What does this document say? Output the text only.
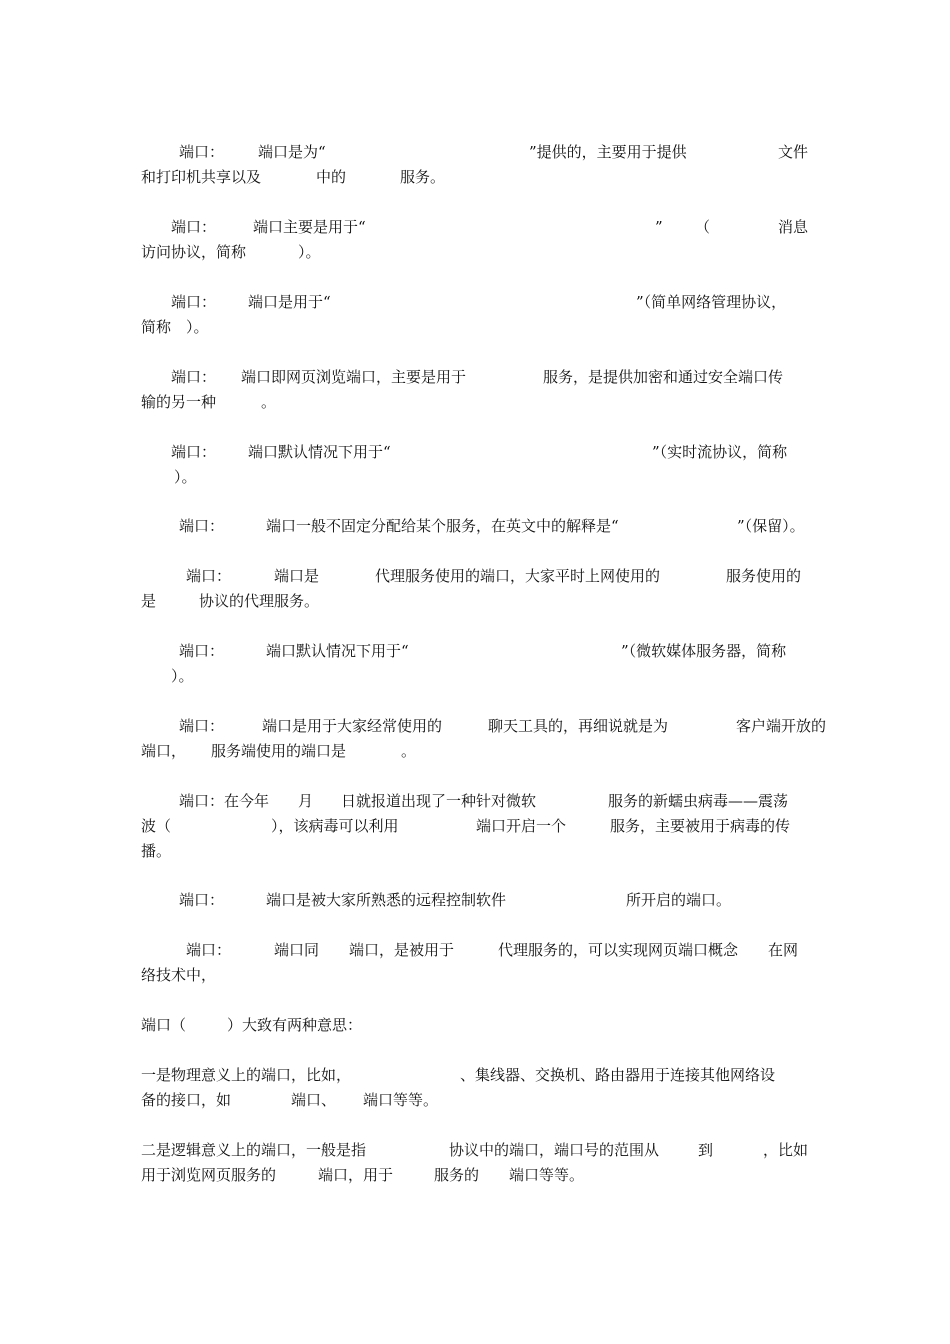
端口： 端口是为“	”提供的，主要用于提供	文件
和打印机共享以及	中的	服务。
端口： 端口主要是用于“	” （	消息
访问协议，简称	）。
端口： 端口是用于“	”（简单网络管理协议，
简称 ）。
端口： 端口即网页浏览端口，主要是用于	服务，是提供加密和通过安全端口传
输的另一种	。
端口： 端口默认情况下用于“	”（实时流协议，简称
）。
端口：	端口一般不固定分配给某个服务，在英文中的解释是“	”（保留）。
端口：	端口是	代理服务使用的端口，大家平时上网使用的	服务使用的
是	协议的代理服务。
端口：	端口默认情况下用于“	”（微软媒体服务器，简称
）。
端口：	端口是用于大家经常使用的	聊天工具的，再细说就是为	客户端开放的
端口， 服务端使用的端口是	。
端口：在今年 月 日就报道出现了一种针对微软	服务的新蠕虫病毒——震荡
波（	），该病毒可以利用	端口开启一个	服务，主要被用于病毒的传
播。
端口：	端口是被大家所熟悉的远程控制软件	所开启的端口。
端口：	端口同 端口，是被用于	代理服务的，可以实现网页端口概念 在网
络技术中，
端口（	）大致有两种意思：
一是物理意义上的端口，比如，	、集线器、交换机、路由器用于连接其他网络设
备的接口，如	端口、 端口等等。
二是逻辑意义上的端口，一般是指	协议中的端口，端口号的范围从	到	，比如
用于浏览网页服务的	端口，用于	服务的 端口等等。
